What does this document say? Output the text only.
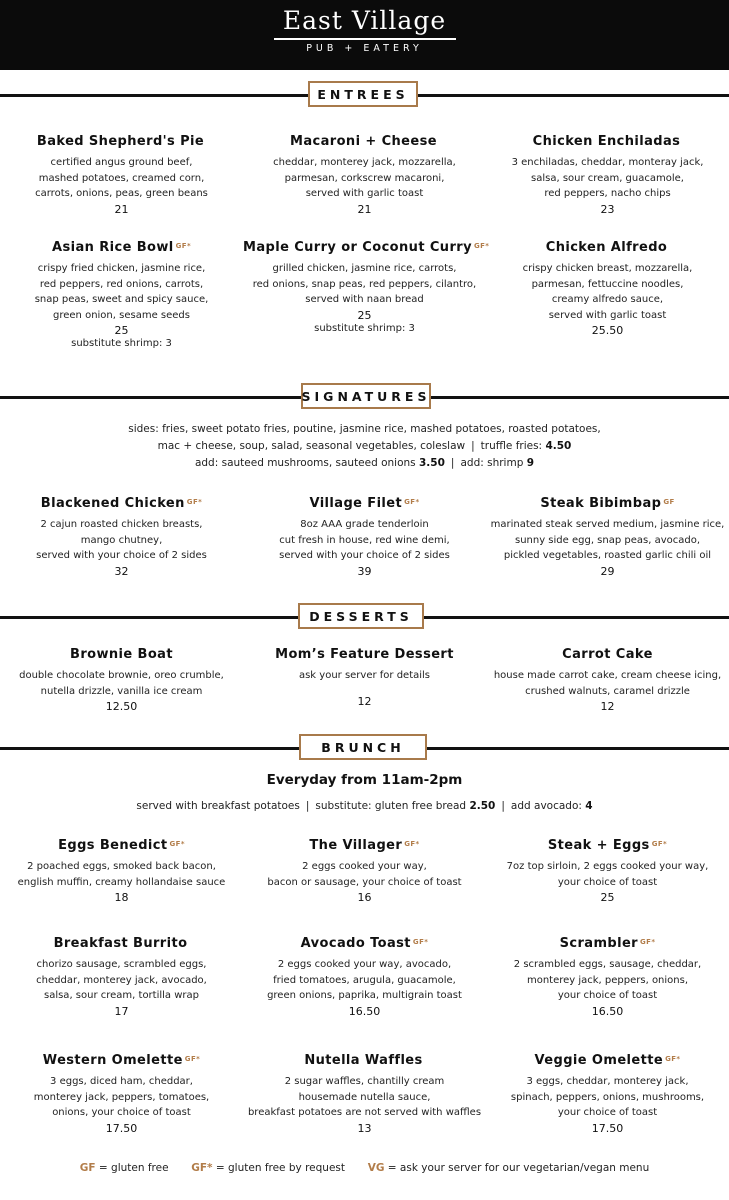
East Village
PUB + EATERY
ENTREES
Baked Shepherd's Pie
certified angus ground beef,
mashed potatoes, creamed corn,
carrots, onions, peas, green beans
21
Macaroni + Cheese
cheddar, monterey jack, mozzarella,
parmesan, corkscrew macaroni,
served with garlic toast
21
Chicken Enchiladas
3 enchiladas, cheddar, monteray jack,
salsa, sour cream, guacamole,
red peppers, nacho chips
23
Asian Rice Bowl $^{GF*}$
crispy fried chicken, jasmine rice,
red peppers, red onions, carrots,
snap peas, sweet and spicy sauce,
green onion, sesame seeds
25
substitute shrimp: 3
Maple Curry or Coconut Curry $^{GF*}$
grilled chicken, jasmine rice, carrots,
red onions, snap peas, red peppers, cilantro,
served with naan bread
25
substitute shrimp: 3
Chicken Alfredo
crispy chicken breast, mozzarella,
parmesan, fettuccine noodles,
creamy alfredo sauce,
served with garlic toast
25.50
SIGNATURES
sides: fries, sweet potato fries, poutine, jasmine rice, mashed potatoes, roasted potatoes,
mac + cheese, soup, salad, seasonal vegetables, coleslaw | truffle fries: 4.50
add: sauteed mushrooms, sauteed onions 3.50 | add: shrimp 9
Blackened Chicken $^{GF*}$
2 cajun roasted chicken breasts,
mango chutney,
served with your choice of 2 sides
32
Village Filet $^{GF*}$
8oz AAA grade tenderloin
cut fresh in house, red wine demi,
served with your choice of 2 sides
39
Steak Bibimbap $^{GF}$
marinated steak served medium, jasmine rice,
sunny side egg, snap peas, avocado,
pickled vegetables, roasted garlic chili oil
29
DESSERTS
Brownie Boat
double chocolate brownie, oreo crumble,
nutella drizzle, vanilla ice cream
12.50
Mom’s Feature Dessert
ask your server for details
12
Carrot Cake
house made carrot cake, cream cheese icing,
crushed walnuts, caramel drizzle
12
BRUNCH
Everyday from 11am-2pm
served with breakfast potatoes | substitute: gluten free bread 2.50 | add avocado: 4
Eggs Benedict $^{GF*}$
2 poached eggs, smoked back bacon,
english muffin, creamy hollandaise sauce
18
The Villager $^{GF*}$
2 eggs cooked your way,
bacon or sausage, your choice of toast
16
Steak + Eggs $^{GF*}$
7oz top sirloin, 2 eggs cooked your way,
your choice of toast
25
Breakfast Burrito
chorizo sausage, scrambled eggs,
cheddar, monterey jack, avocado,
salsa, sour cream, tortilla wrap
17
Avocado Toast $^{GF*}$
2 eggs cooked your way, avocado,
fried tomatoes, arugula, guacamole,
green onions, paprika, multigrain toast
16.50
Scrambler $^{GF*}$
2 scrambled eggs, sausage, cheddar,
monterey jack, peppers, onions,
your choice of toast
16.50
Western Omelette $^{GF*}$
3 eggs, diced ham, cheddar,
monterey jack, peppers, tomatoes,
onions, your choice of toast
17.50
Nutella Waffles
2 sugar waffles, chantilly cream
housemade nutella sauce,
breakfast potatoes are not served with waffles
13
Veggie Omelette $^{GF*}$
3 eggs, cheddar, monterey jack,
spinach, peppers, onions, mushrooms,
your choice of toast
17.50
GF = gluten free GF* = gluten free by request VG = ask your server for our vegetarian/vegan menu
